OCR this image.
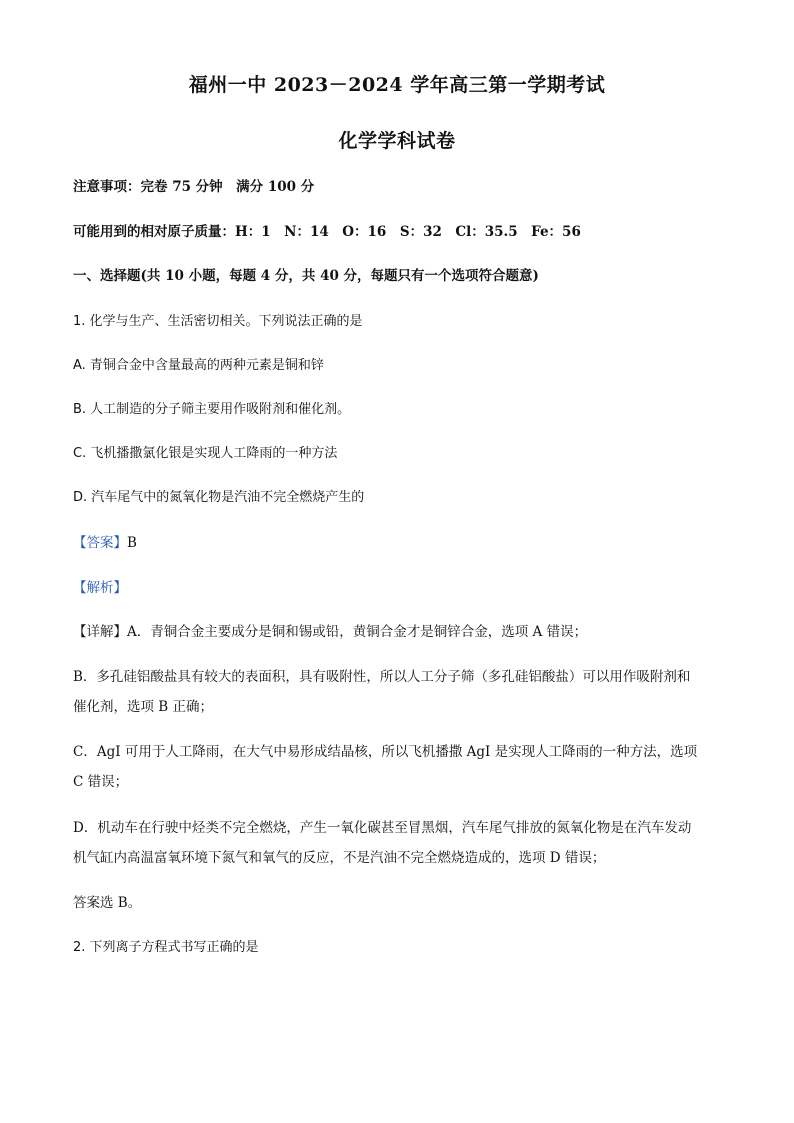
福州一中 2023－2024 学年高三第一学期考试
化学学科试卷
注意事项：完卷 75 分钟　满分 100 分
可能用到的相对原子质量：H：1　N：14　O：16　S：32　Cl：35.5　Fe：56
一、选择题(共 10 小题，每题 4 分，共 40 分，每题只有一个选项符合题意)
1. 化学与生产、生活密切相关。下列说法正确的是
A. 青铜合金中含量最高的两种元素是铜和锌
B. 人工制造的分子筛主要用作吸附剂和催化剂。
C. 飞机播撒氯化银是实现人工降雨的一种方法
D. 汽车尾气中的氮氧化物是汽油不完全燃烧产生的
【答案】B
【解析】
【详解】A．青铜合金主要成分是铜和锡或铅，黄铜合金才是铜锌合金，选项 A 错误；
B．多孔硅铝酸盐具有较大的表面积，具有吸附性，所以人工分子筛（多孔硅铝酸盐）可以用作吸附剂和
催化剂，选项 B 正确；
C．AgI 可用于人工降雨，在大气中易形成结晶核，所以飞机播撒 AgI 是实现人工降雨的一种方法，选项
C 错误；
D．机动车在行驶中烃类不完全燃烧，产生一氧化碳甚至冒黑烟，汽车尾气排放的氮氧化物是在汽车发动
机气缸内高温富氧环境下氮气和氧气的反应，不是汽油不完全燃烧造成的，选项 D 错误；
答案选 B。
2. 下列离子方程式书写正确的是
